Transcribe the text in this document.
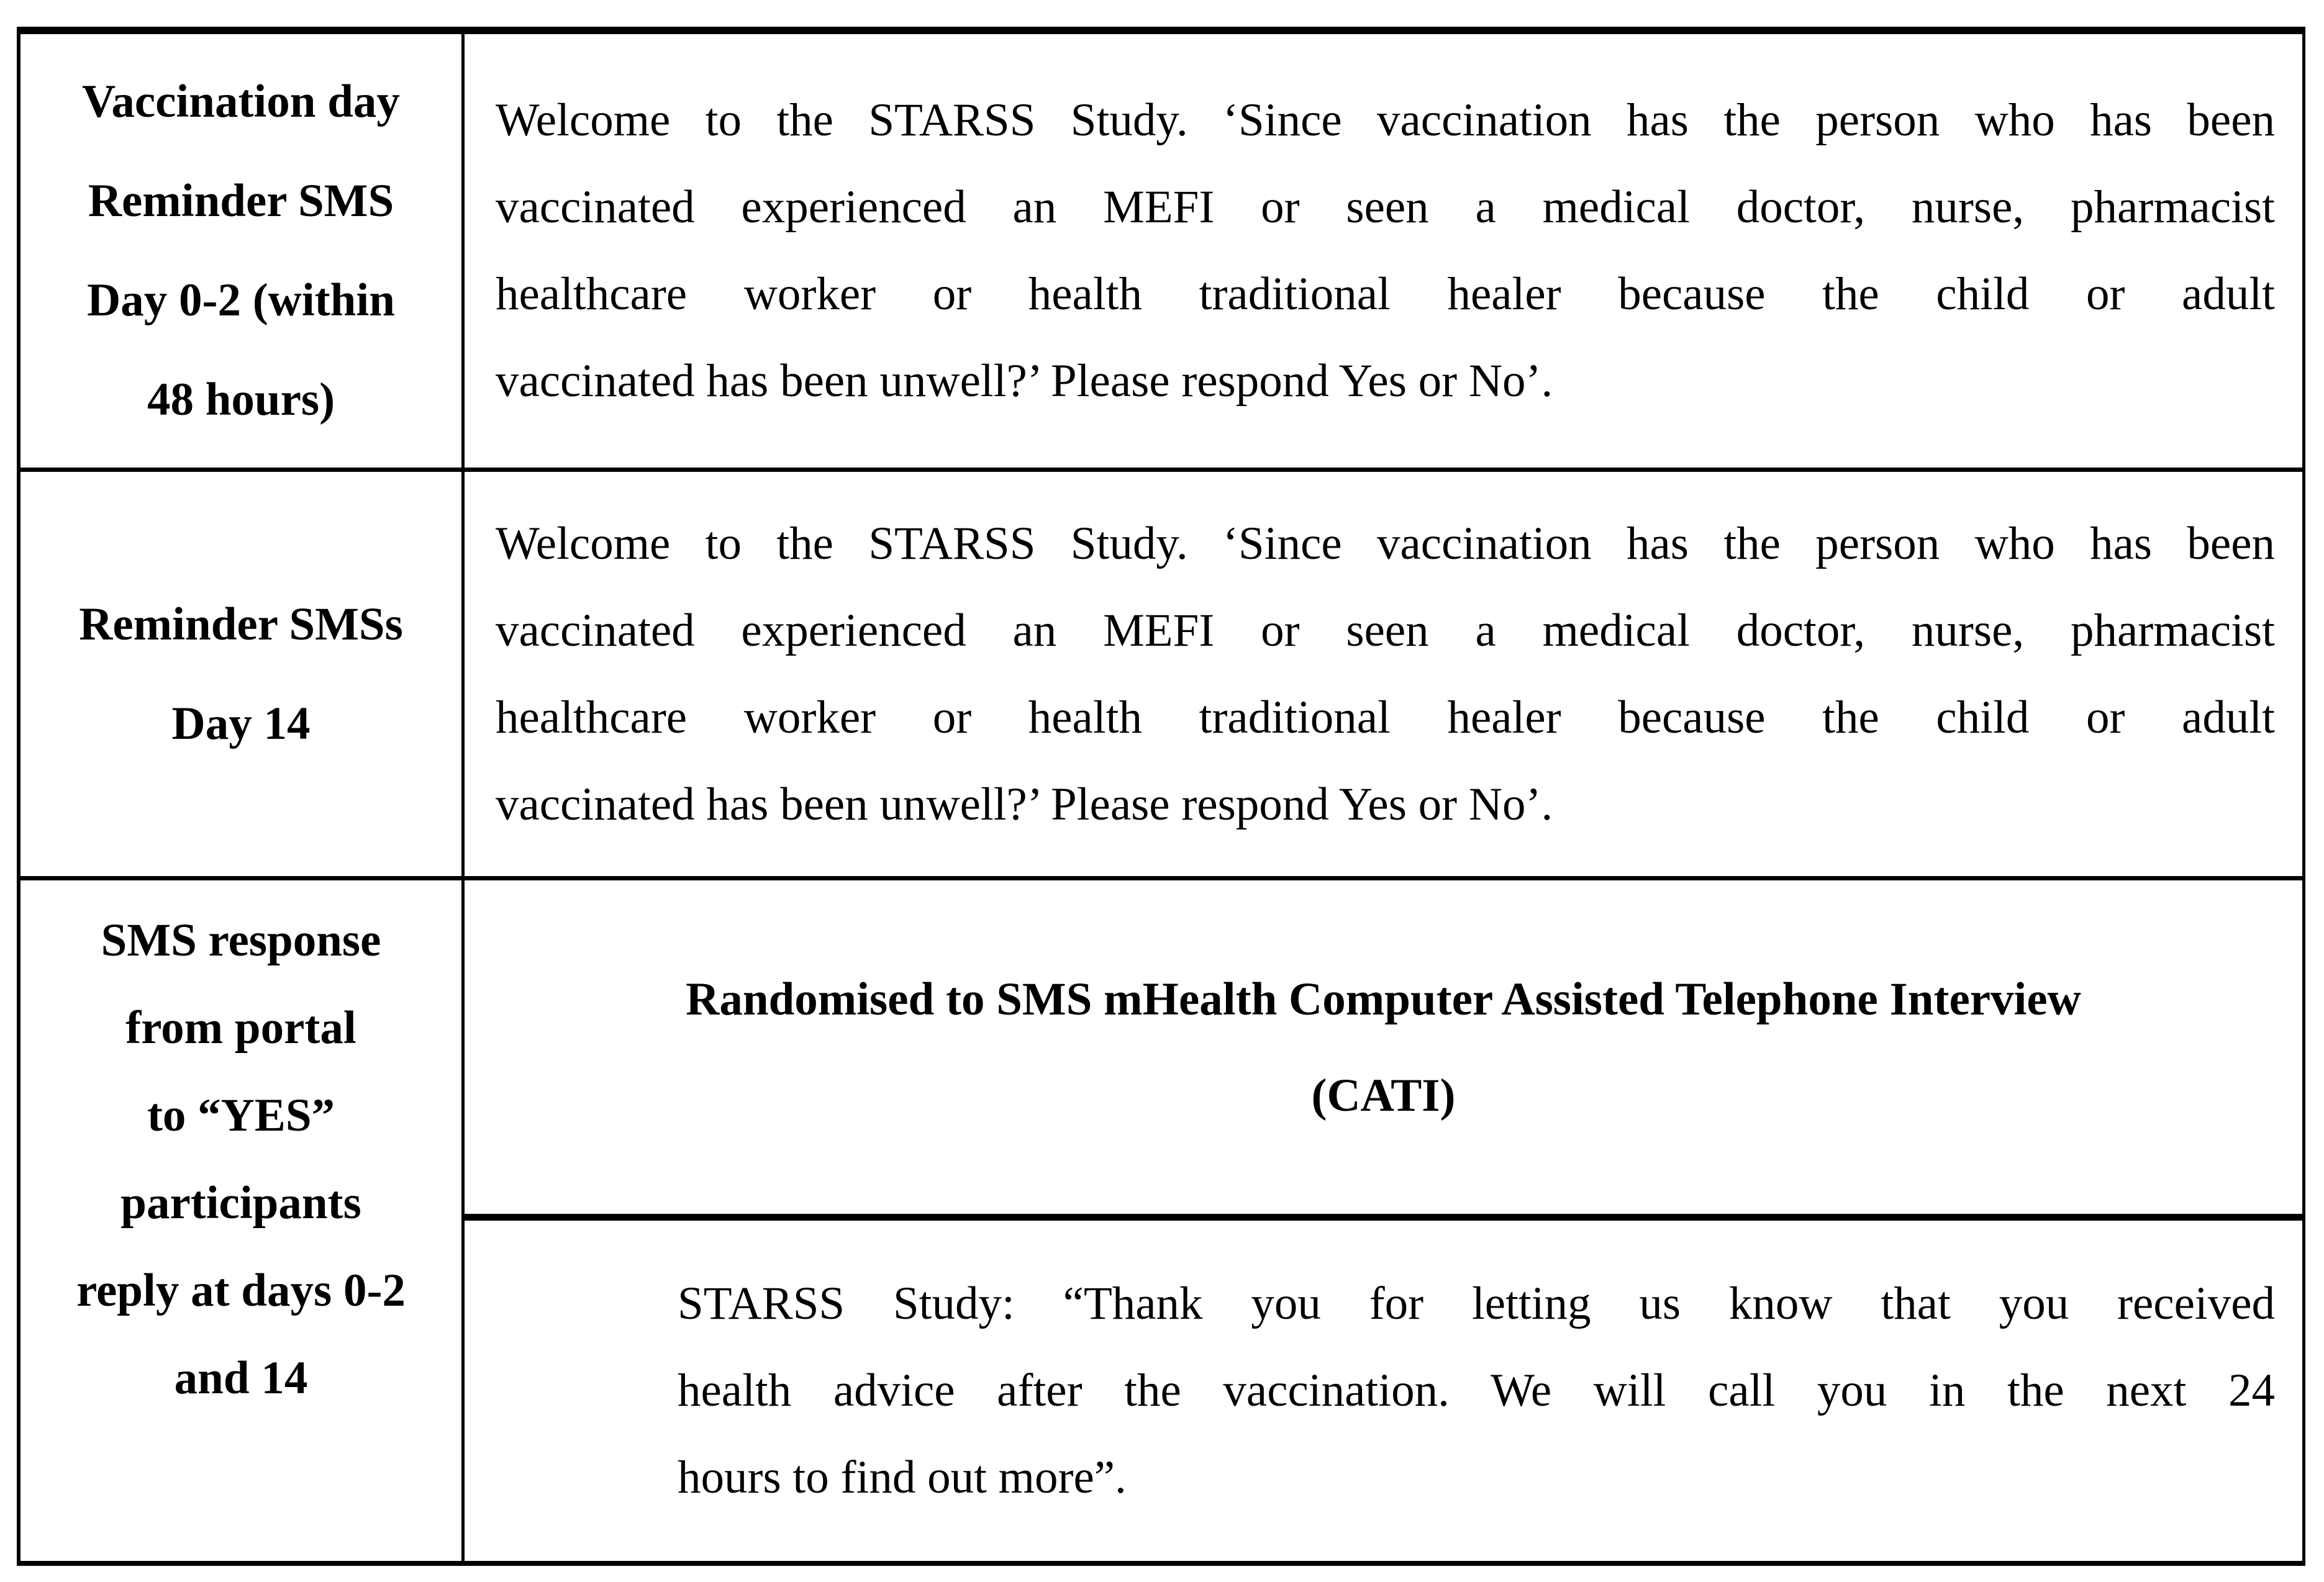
Vaccination day
Reminder SMS
Day 0-2 (within
48 hours)
Welcome to the STARSS Study. ‘Since vaccination has the person who has been
vaccinated experienced an MEFI or seen a medical doctor, nurse, pharmacist
healthcare worker or health traditional healer because the child or adult
vaccinated has been unwell?’ Please respond Yes or No’.
Reminder SMSs
Day 14
Welcome to the STARSS Study. ‘Since vaccination has the person who has been
vaccinated experienced an MEFI or seen a medical doctor, nurse, pharmacist
healthcare worker or health traditional healer because the child or adult
vaccinated has been unwell?’ Please respond Yes or No’.
SMS response
from portal
to “YES”
participants
reply at days 0-2
and 14
Randomised to SMS mHealth Computer Assisted Telephone Interview
(CATI)
STARSS Study: “Thank you for letting us know that you received
health advice after the vaccination. We will call you in the next 24
hours to find out more”.
